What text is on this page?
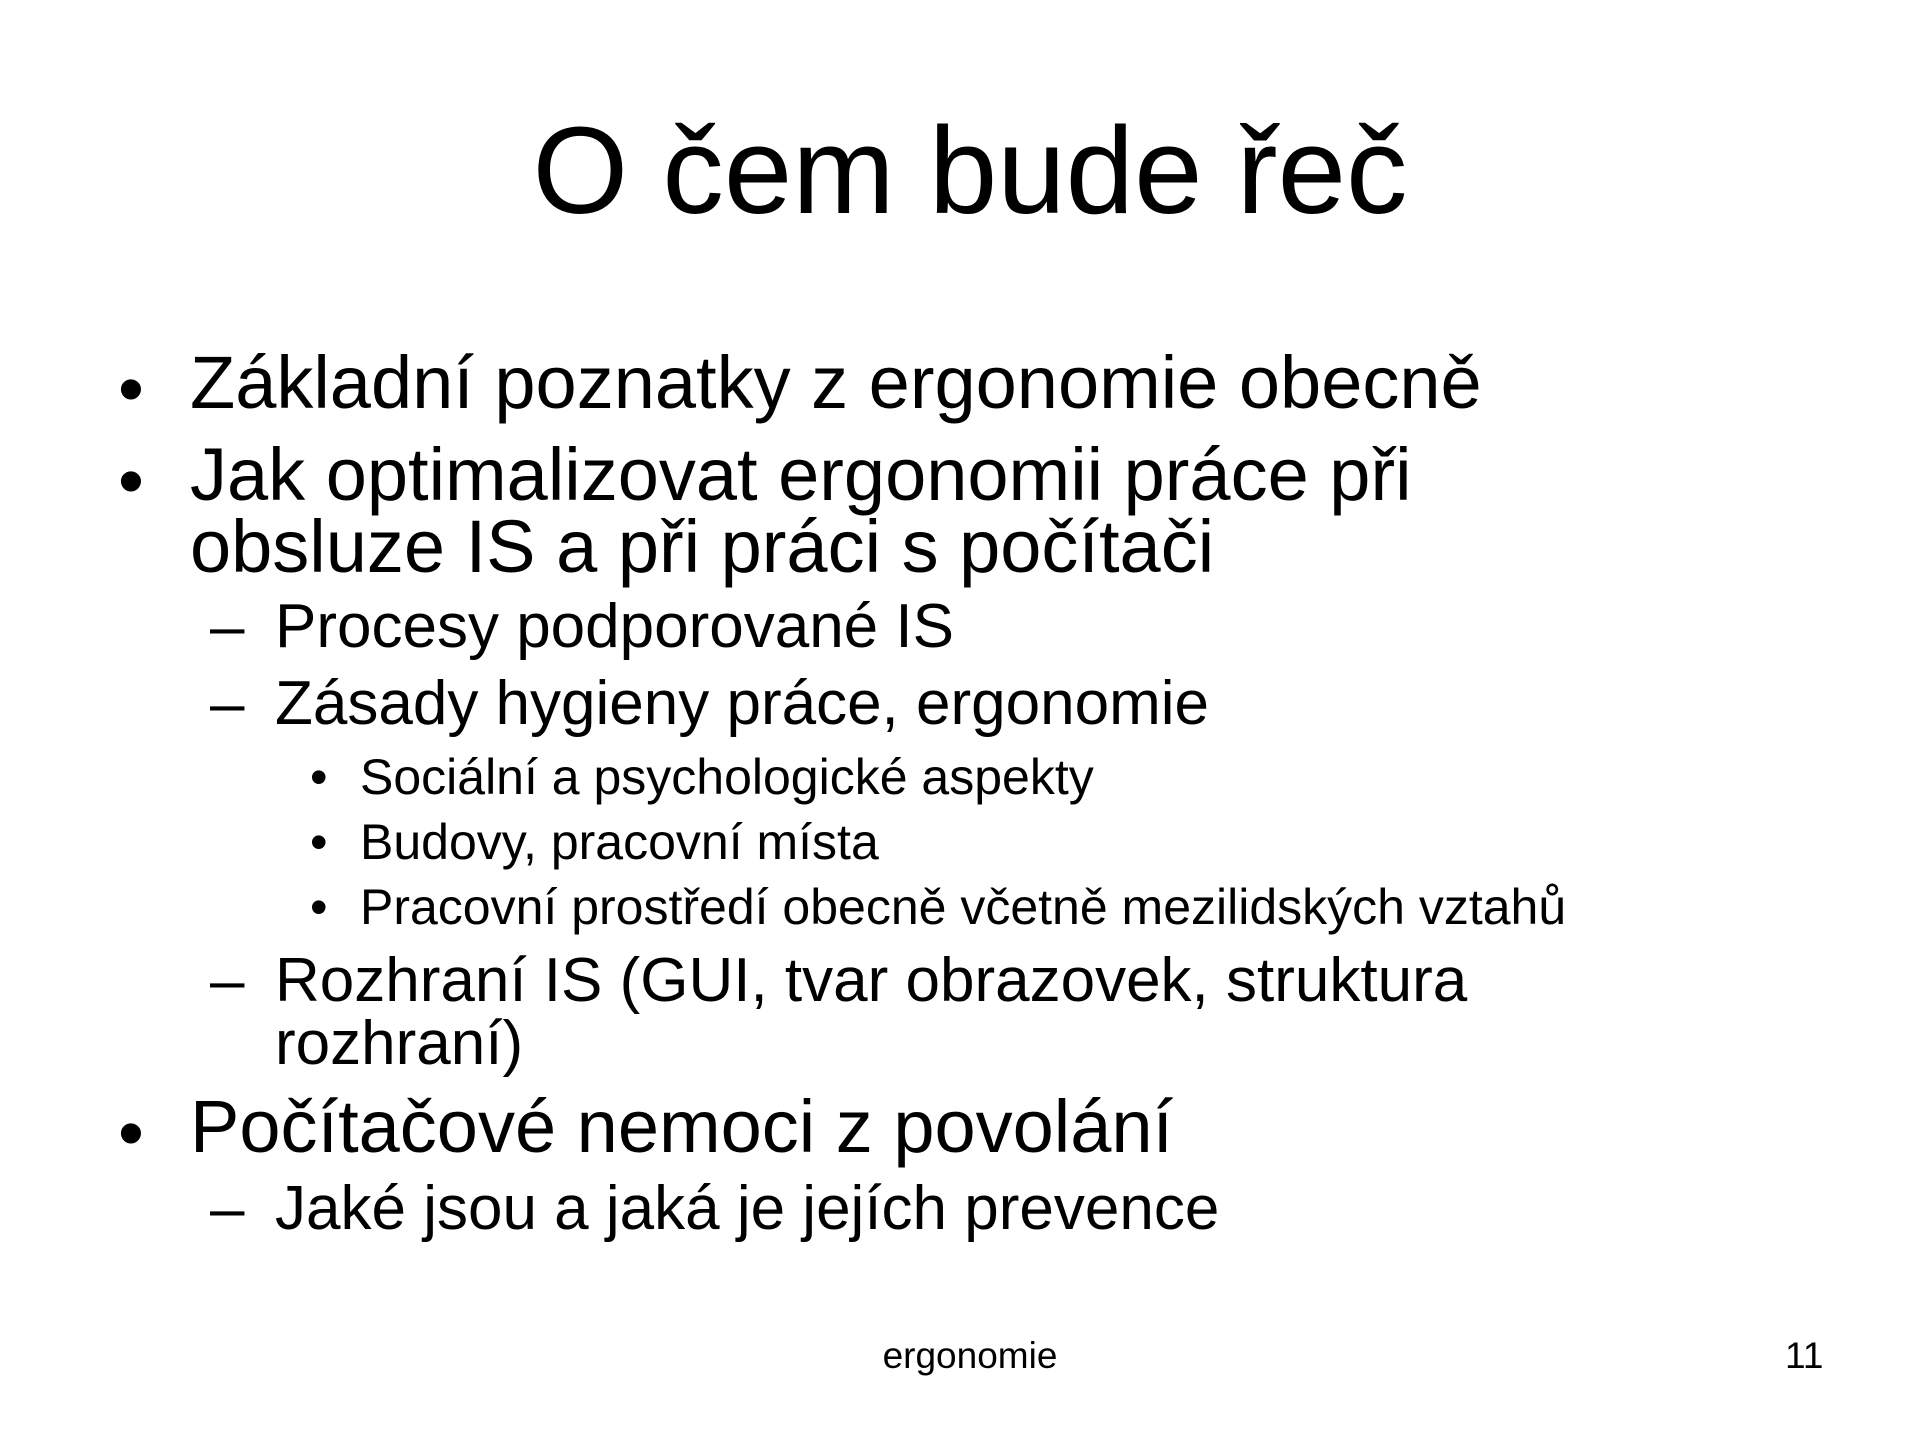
O čem bude řeč
• Základní poznatky z ergonomie obecně
• Jak optimalizovat ergonomii práce při
obsluze IS a při práci s počítači
– Procesy podporované IS
– Zásady hygieny práce, ergonomie
• Sociální a psychologické aspekty
• Budovy, pracovní místa
• Pracovní prostředí obecně včetně mezilidských vztahů
– Rozhraní IS (GUI, tvar obrazovek, struktura
rozhraní)
• Počítačové nemoci z povolání
– Jaké jsou a jaká je jejích prevence
ergonomie	11
